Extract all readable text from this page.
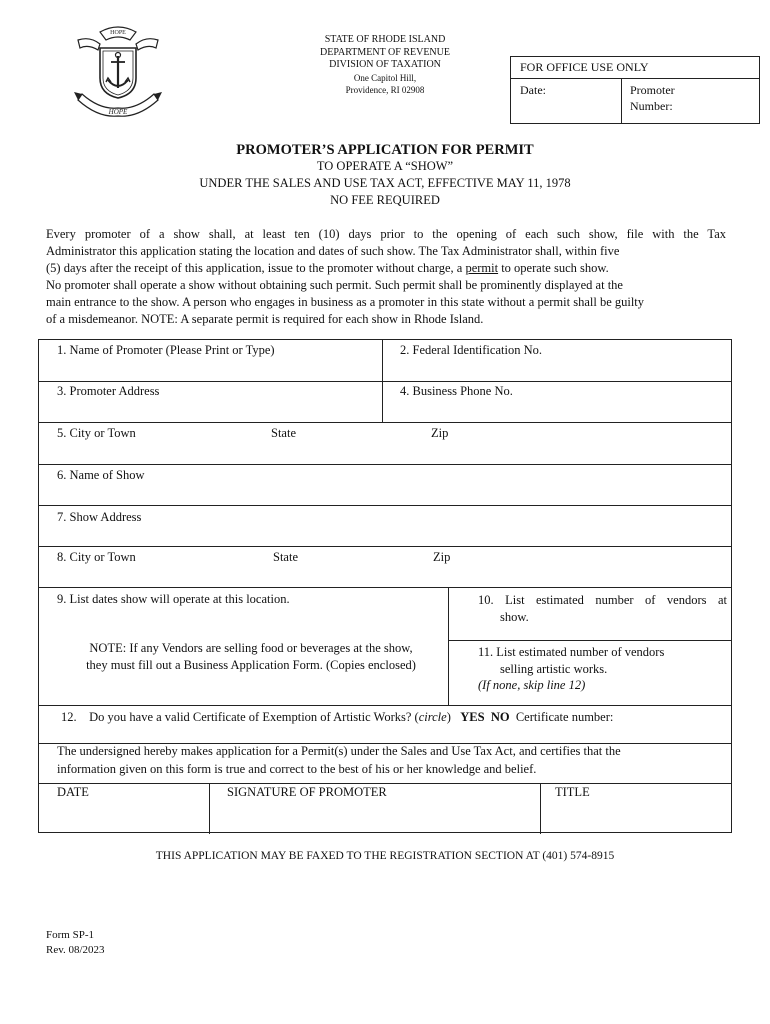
HOPE
HOPE
STATE OF RHODE ISLAND
DEPARTMENT OF REVENUE
DIVISION OF TAXATION
One Capitol Hill,
Providence, RI 02908
FOR OFFICE USE ONLY
Date:	Promoter
Number:
PROMOTER’S APPLICATION FOR PERMIT
TO OPERATE A “SHOW”
UNDER THE SALES AND USE TAX ACT, EFFECTIVE MAY 11, 1978
NO FEE REQUIRED
Every promoter of a show shall, at least ten (10) days prior to the opening of each such show, file with the Tax
Administrator this application stating the location and dates of such show. The Tax Administrator shall, within five
(5) days after the receipt of this application, issue to the promoter without charge, a permit to operate such show.
No promoter shall operate a show without obtaining such permit. Such permit shall be prominently displayed at the
main entrance to the show. A person who engages in business as a promoter in this state without a permit shall be guilty
of a misdemeanor. NOTE: A separate permit is required for each show in Rhode Island.
1. Name of Promoter (Please Print or Type)	2. Federal Identification No.
3. Promoter Address	4. Business Phone No.
5. City or Town	State	Zip
6. Name of Show
7. Show Address
8. City or Town	State	Zip
9. List dates show will operate at this location.
NOTE: If any Vendors are selling food or beverages at the show,
they must fill out a Business Application Form. (Copies enclosed)
10. List estimated number of vendors at
show.
11. List estimated number of vendors
selling artistic works.
(If none, skip line 12)
12. Do you have a valid Certificate of Exemption of Artistic Works? (circle) YES NO Certificate number:
The undersigned hereby makes application for a Permit(s) under the Sales and Use Tax Act, and certifies that the
information given on this form is true and correct to the best of his or her knowledge and belief.
DATE	SIGNATURE OF PROMOTER	TITLE
THIS APPLICATION MAY BE FAXED TO THE REGISTRATION SECTION AT (401) 574-8915
Form SP-1
Rev. 08/2023
